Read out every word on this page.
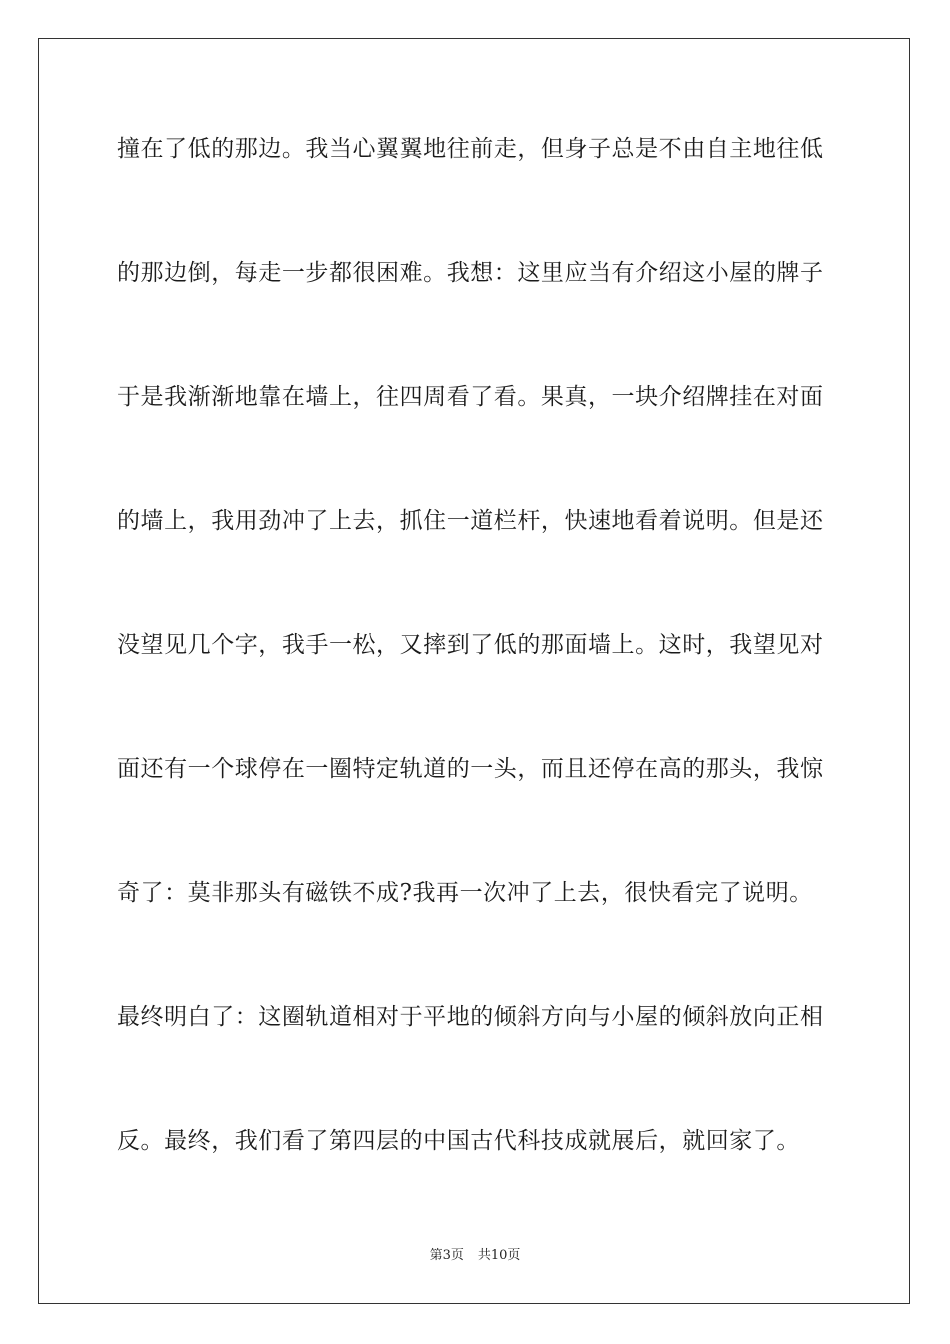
撞在了低的那边。我当心翼翼地往前走，但身子总是不由自主地往低

的那边倒，每走一步都很困难。我想：这里应当有介绍这小屋的牌子

于是我渐渐地靠在墙上，往四周看了看。果真，一块介绍牌挂在对面

的墙上，我用劲冲了上去，抓住一道栏杆，快速地看着说明。但是还

没望见几个字，我手一松，又摔到了低的那面墙上。这时，我望见对

面还有一个球停在一圈特定轨道的一头，而且还停在高的那头，我惊

奇了：莫非那头有磁铁不成?我再一次冲了上去，很快看完了说明。

最终明白了：这圈轨道相对于平地的倾斜方向与小屋的倾斜放向正相

反。最终，我们看了第四层的中国古代科技成就展后，就回家了。

第3页 共10页
